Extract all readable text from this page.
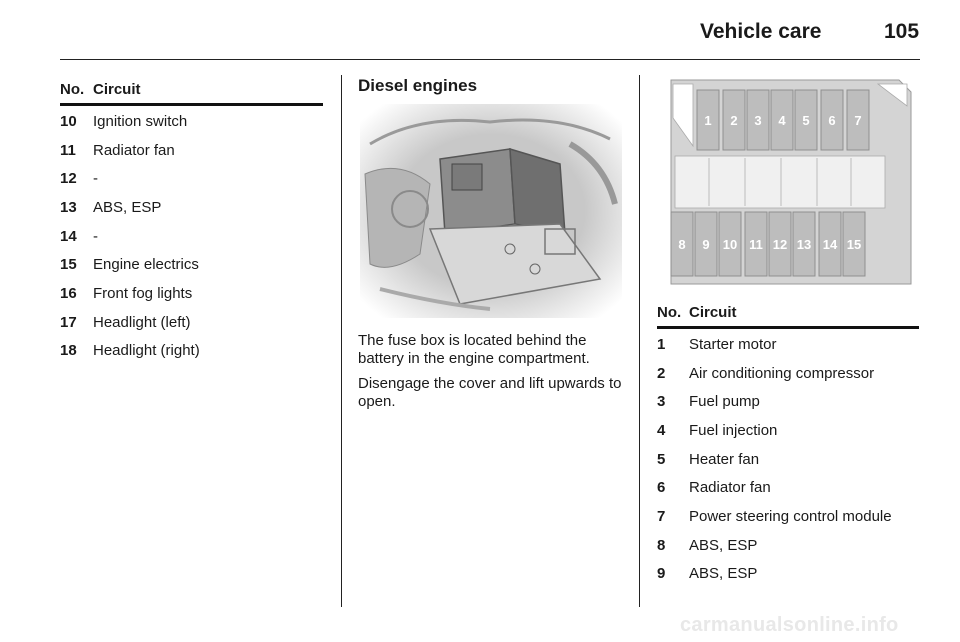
Vehicle care	105
No. Circuit
10	Ignition switch
11	Radiator fan
12	-
13	ABS, ESP
14	-
15	Engine electrics
16	Front fog lights
17	Headlight (left)
18	Headlight (right)
Diesel engines
The fuse box is located behind the battery in the engine compartment.
Disengage the cover and lift upwards to open.
1 2 3 4 5 6 7
8 9 10 11 12 13 14 15
No. Circuit
1	Starter motor
2	Air conditioning compressor
3	Fuel pump
4	Fuel injection
5	Heater fan
6	Radiator fan
7	Power steering control module
8	ABS, ESP
9	ABS, ESP
carmanualsonline.info
